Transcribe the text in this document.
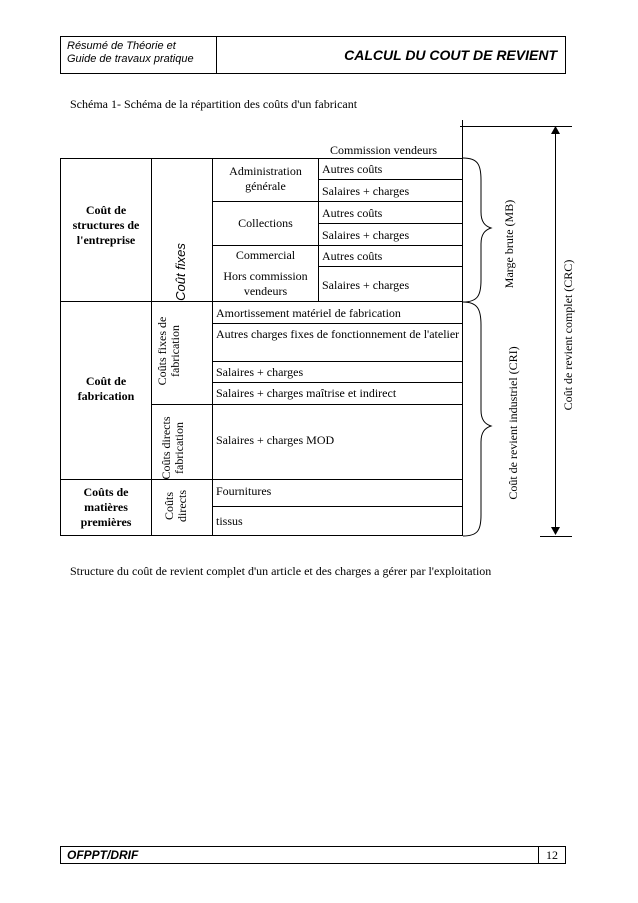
Résumé de Théorie et
Guide de travaux pratique	CALCUL DU COUT DE REVIENT
Schéma 1- Schéma de la répartition des coûts d'un fabricant
Commission vendeurs
Coût de structures de l'entreprise
Coût de fabrication
Coûts de matières premières
Coût fixes
Coûts fixes de fabrication
Coûts directs fabrication
Coûts directs
Administration générale
Collections
Commercial
Hors commission vendeurs
Autres coûts
Salaires + charges
Autres coûts
Salaires + charges
Autres coûts
Salaires + charges
Amortissement matériel de fabrication
Autres charges fixes de fonctionnement de l'atelier
Salaires + charges
Salaires + charges maîtrise et indirect
Salaires + charges MOD
Fournitures
tissus
Marge brute (MB)
Coût de revient industriel (CRI)
Coût de revient complet (CRC)
Structure du coût de revient complet d'un article et des charges a gérer par l'exploitation
OFPPT/DRIF	12
